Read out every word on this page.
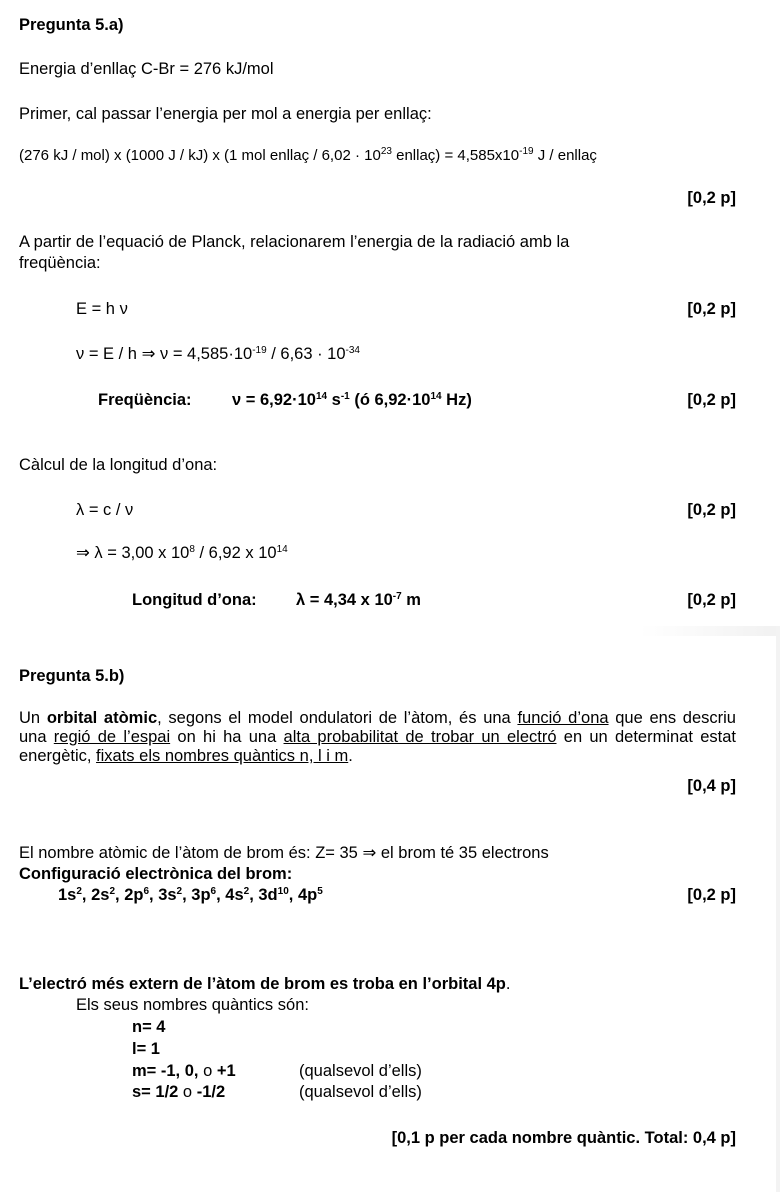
Pregunta 5.a)
Energia d’enllaç C-Br = 276 kJ/mol
Primer, cal passar l’energia per mol a energia per enllaç:
(276 kJ / mol) x (1000 J / kJ) x (1 mol enllaç / $6,02 \cdot 10^{23}$ enllaç) = $4,585x10^{-19}$ J / enllaç
[0,2 p]
A partir de l’equació de Planck, relacionarem l’energia de la radiació amb la
freqüència:
E = h ν	[0,2 p]
ν = E / h ⇒ $\nu = 4,585\cdot 10^{-19} / 6,63 \cdot 10^{-34}$
Freqüència: $\nu = 6,92\cdot 10^{14}$ $s^{-1}$ (ó $6,92\cdot 10^{14}$ Hz)	[0,2 p]
Càlcul de la longitud d’ona:
λ = c / ν	[0,2 p]
⇒ λ = 3,00 x $10^8 / 6,92$ x $10^{14}$
Longitud d’ona: λ = 4,34 x $10^{-7}$ m	[0,2 p]
Pregunta 5.b)
Un orbital atòmic, segons el model ondulatori de l’àtom, és una funció d’ona que ens descriu una regió de l’espai on hi ha una alta probabilitat de trobar un electró en un determinat estat energètic, fixats els nombres quàntics n, l i m.
[0,4 p]
El nombre atòmic de l’àtom de brom és: Z= 35 ⇒ el brom té 35 electrons
Configuració electrònica del brom:
$1s^2$, $2s^2$, $2p^6$, $3s^2$, $3p^6$, $4s^2$, $3d^{10}$, $4p^5$	[0,2 p]
L’electró més extern de l’àtom de brom es troba en l’orbital 4p.
Els seus nombres quàntics són:
n= 4
l= 1
m= -1, 0, o +1	(qualsevol d’ells)
s= 1/2 o -1/2	(qualsevol d’ells)
[0,1 p per cada nombre quàntic. Total: 0,4 p]
